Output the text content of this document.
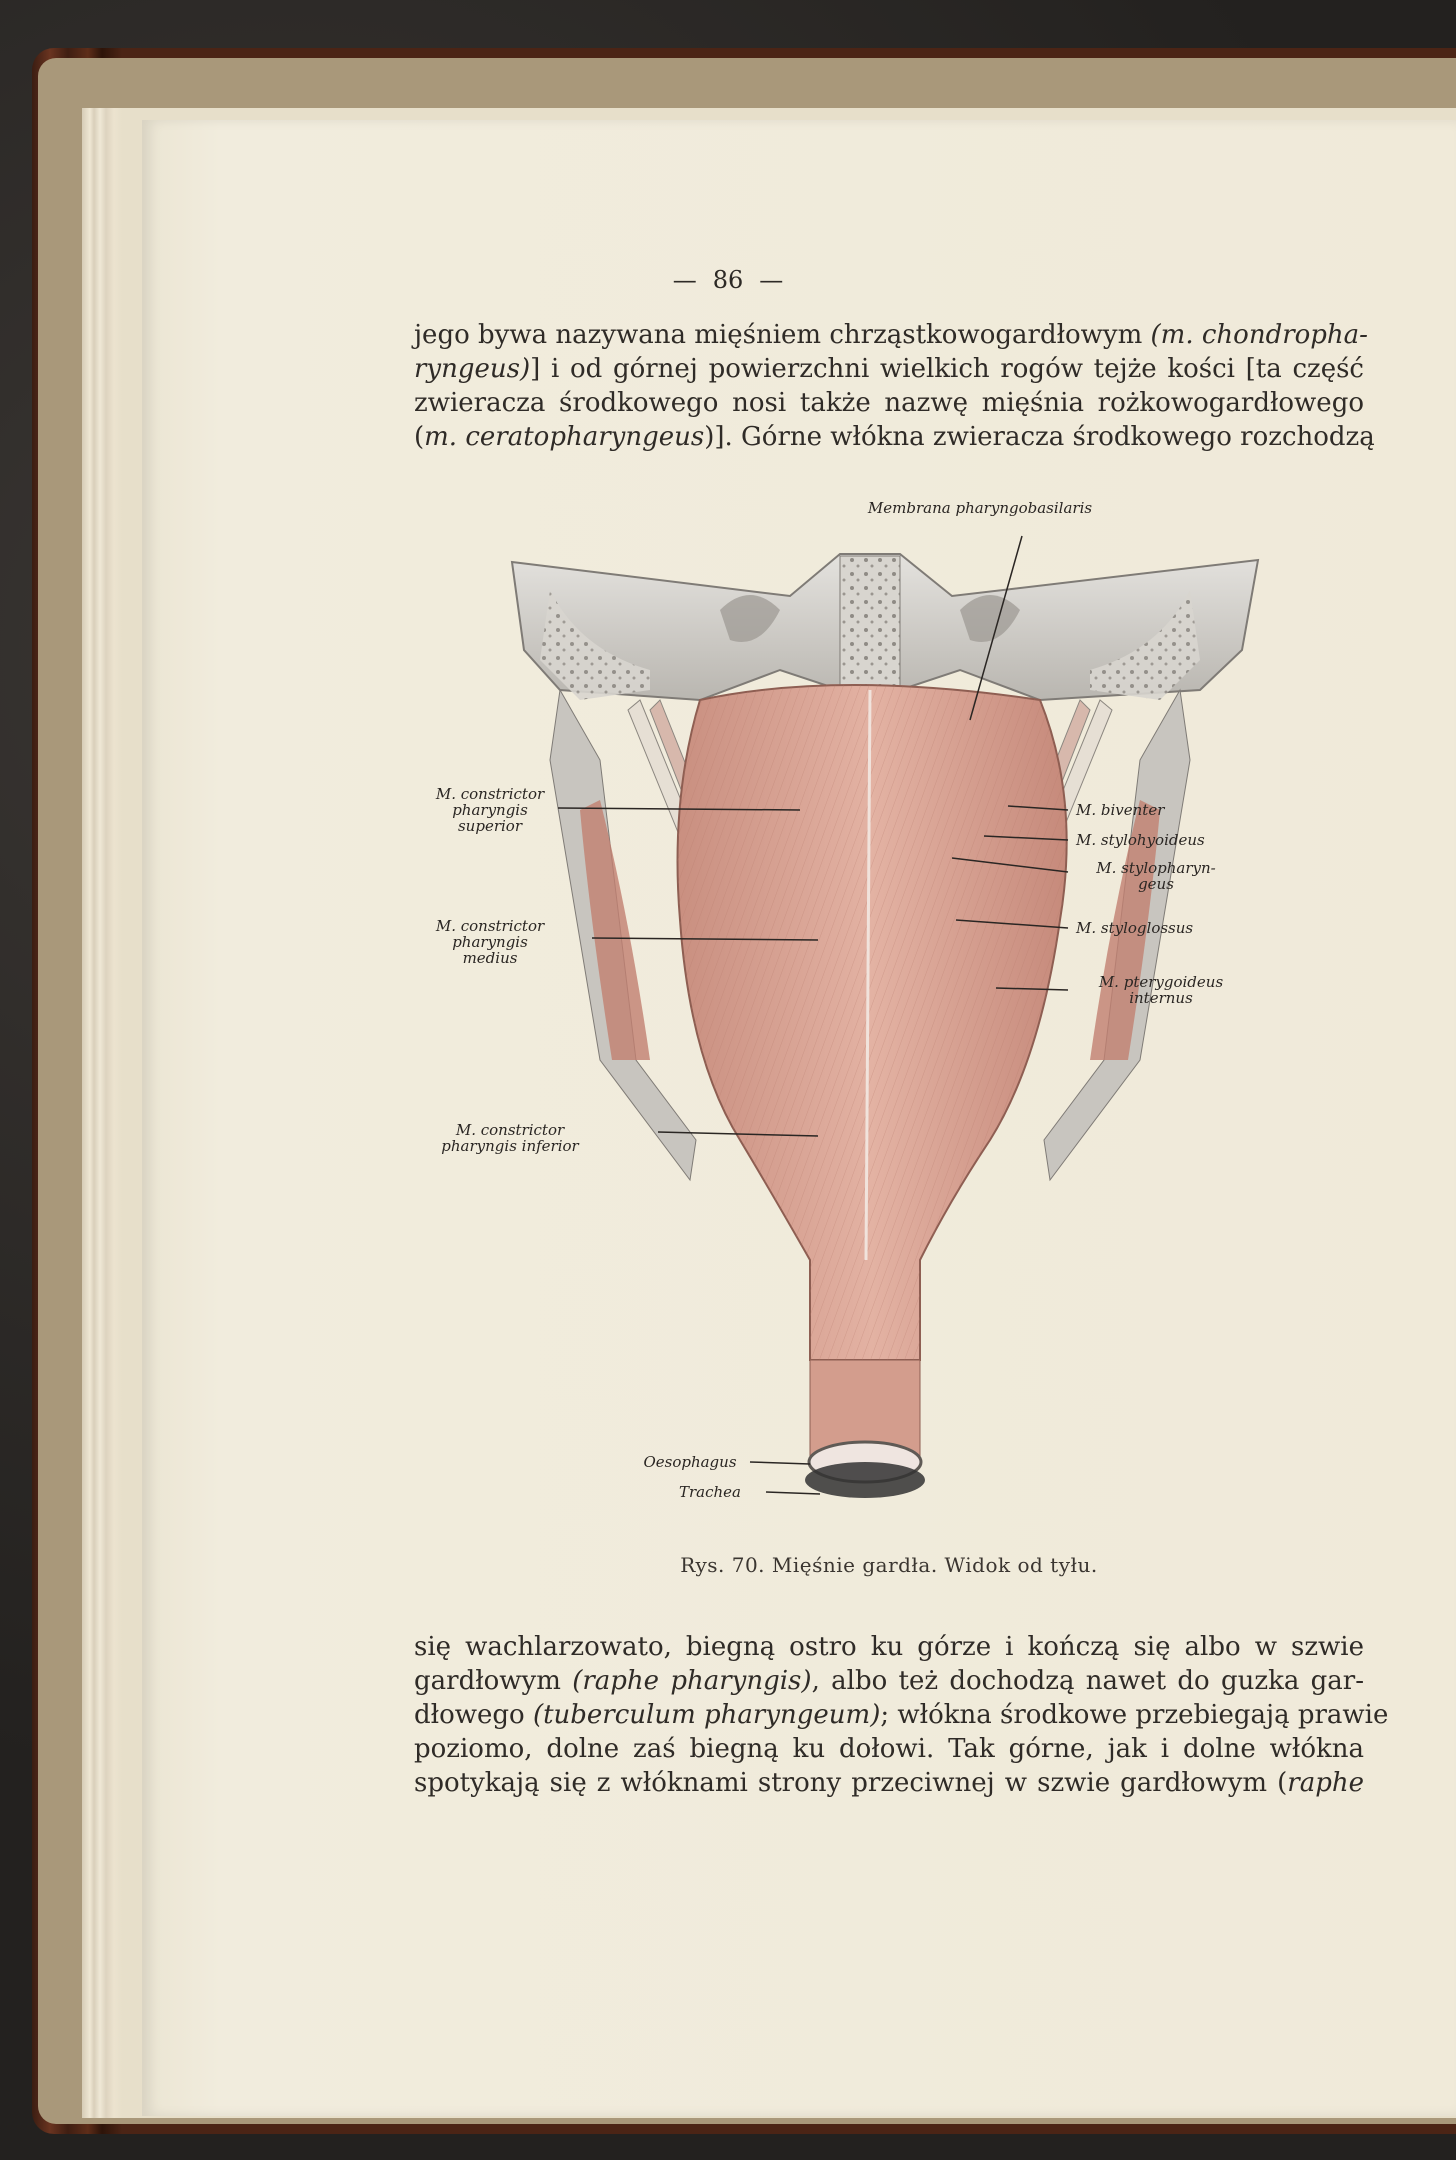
— 86 —
jego bywa nazywana mięśniem chrząstkowogardłowym (m. chondropha-
ryngeus)] i od górnej powierzchni wielkich rogów tejże kości [ta część
zwieracza środkowego nosi także nazwę mięśnia rożkowogardłowego
(m. ceratopharyngeus)]. Górne włókna zwieracza środkowego rozchodzą
Membrana pharyngobasilaris
M. constrictor
pharyngis
superior
M. constrictor
pharyngis
medius
M. constrictor
pharyngis inferior
M. biventer
M. stylohyoideus
M. stylopharyn-
geus
M. styloglossus
M. pterygoideus
internus
Oesophagus
Trachea
Rys. 70. Mięśnie gardła. Widok od tyłu.
się wachlarzowato, biegną ostro ku górze i kończą się albo w szwie
gardłowym (raphe pharyngis), albo też dochodzą nawet do guzka gar-
dłowego (tuberculum pharyngeum); włókna środkowe przebiegają prawie
poziomo, dolne zaś biegną ku dołowi. Tak górne, jak i dolne włókna
spotykają się z włóknami strony przeciwnej w szwie gardłowym (raphe
